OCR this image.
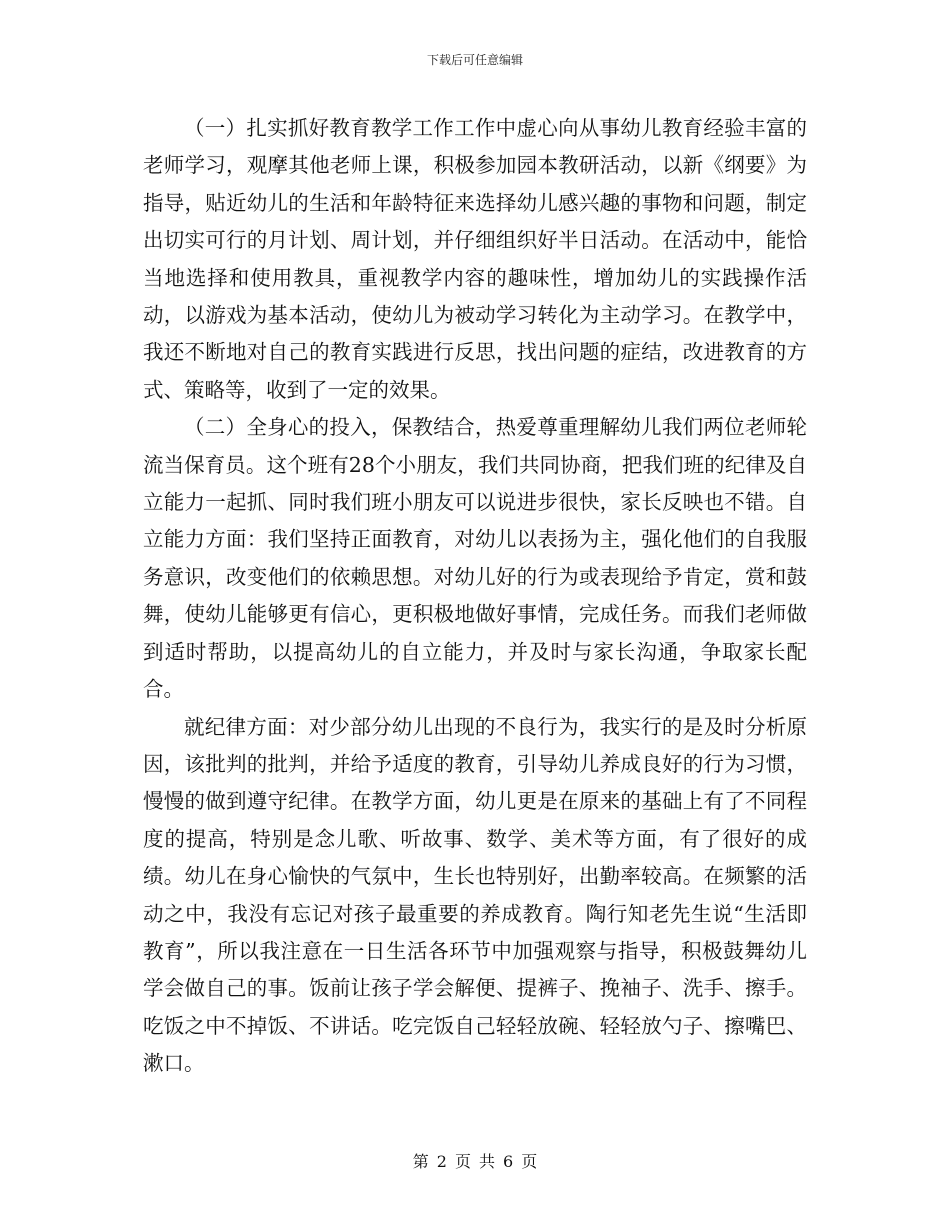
下载后可任意编辑

（一）扎实抓好教育教学工作工作中虚心向从事幼儿教育经验丰富的老师学习，观摩其他老师上课，积极参加园本教研活动，以新《纲要》为指导，贴近幼儿的生活和年龄特征来选择幼儿感兴趣的事物和问题，制定出切实可行的月计划、周计划，并仔细组织好半日活动。在活动中，能恰当地选择和使用教具，重视教学内容的趣味性，增加幼儿的实践操作活动，以游戏为基本活动，使幼儿为被动学习转化为主动学习。在教学中，我还不断地对自己的教育实践进行反思，找出问题的症结，改进教育的方式、策略等，收到了一定的效果。

（二）全身心的投入，保教结合，热爱尊重理解幼儿我们两位老师轮流当保育员。这个班有28个小朋友，我们共同协商，把我们班的纪律及自立能力一起抓、同时我们班小朋友可以说进步很快，家长反映也不错。自立能力方面：我们坚持正面教育，对幼儿以表扬为主，强化他们的自我服务意识，改变他们的依赖思想。对幼儿好的行为或表现给予肯定，赏和鼓舞，使幼儿能够更有信心，更积极地做好事情，完成任务。而我们老师做到适时帮助，以提高幼儿的自立能力，并及时与家长沟通，争取家长配合。

就纪律方面：对少部分幼儿出现的不良行为，我实行的是及时分析原因，该批判的批判，并给予适度的教育，引导幼儿养成良好的行为习惯，慢慢的做到遵守纪律。在教学方面，幼儿更是在原来的基础上有了不同程度的提高，特别是念儿歌、听故事、数学、美术等方面，有了很好的成绩。幼儿在身心愉快的气氛中，生长也特别好，出勤率较高。在频繁的活动之中，我没有忘记对孩子最重要的养成教育。陶行知老先生说“生活即教育”，所以我注意在一日生活各环节中加强观察与指导，积极鼓舞幼儿学会做自己的事。饭前让孩子学会解便、提裤子、挽袖子、洗手、擦手。吃饭之中不掉饭、不讲话。吃完饭自己轻轻放碗、轻轻放勺子、擦嘴巴、漱口。

第 2 页 共 6 页
